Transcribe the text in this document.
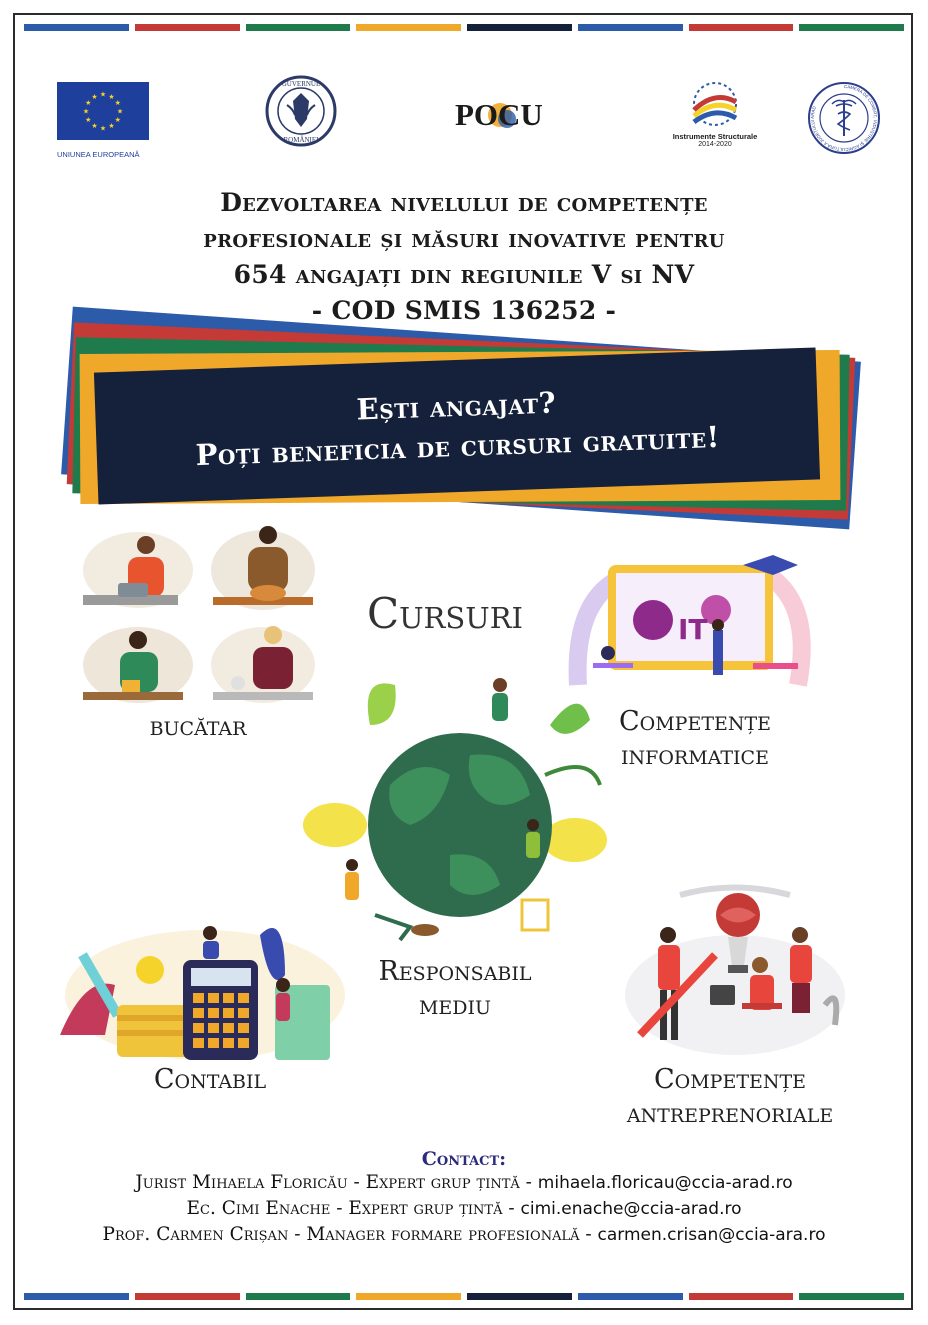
★
★
★
★
★
★
★
★
★ ★ ★
★
UNIUNEA EUROPEANĂ
GUVERNUL
ROMÂNIEI
POCU
Instrumente Structurale
2014-2020
CAMERA DE COMERȚ, INDUSTRIE ȘI AGRICULTURĂ A JUDEȚULUI ARAD
Dezvoltarea nivelului de competențe
profesionale și măsuri inovative pentru
654 angajați din regiunile V si NV
- COD SMIS 136252 -
Ești angajat?
Poți beneficia de cursuri gratuite!
bucătar
Cursuri	IT
Competențe
informatice
Responsabil
mediu
Contabil	Competențe
antreprenoriale
Contact:
Jurist Mihaela Floricău - Expert grup țintă - mihaela.floricau@ccia-arad.ro
Ec. Cimi Enache - Expert grup țintă - cimi.enache@ccia-arad.ro
Prof. Carmen Crișan - Manager formare profesională - carmen.crisan@ccia-ara.ro
